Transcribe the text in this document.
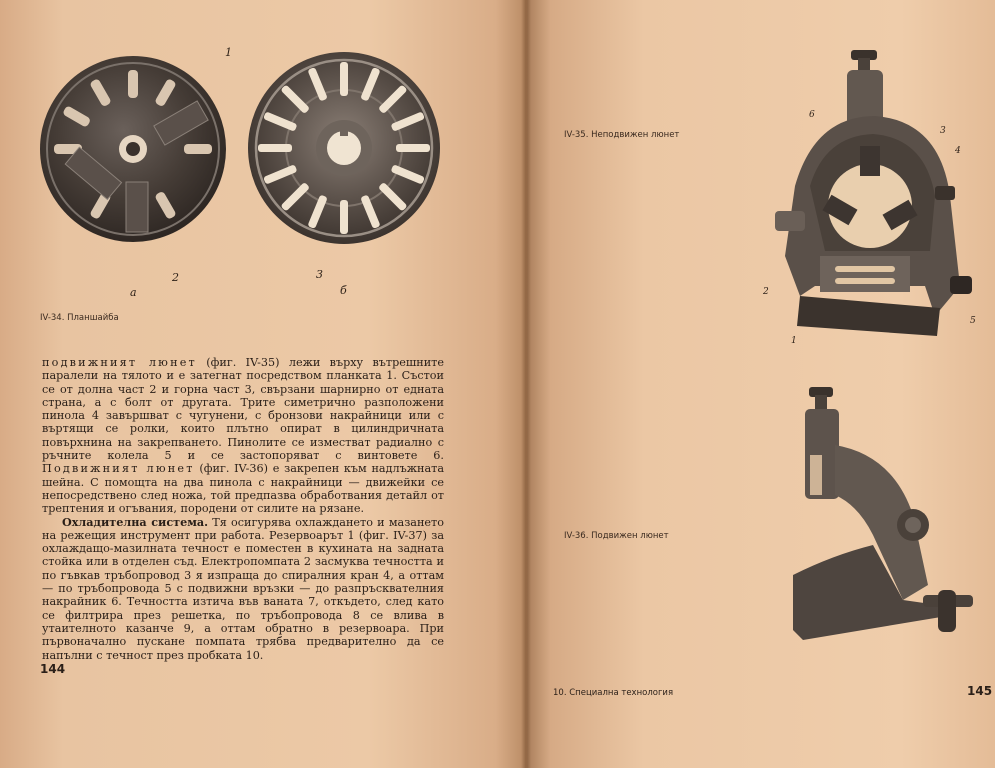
1
2	3
а	б
IV-34. Планшайба

подвижният люнет (фиг. IV-35) лежи върху вътрешните паралели на тялото и е затегнат посредством планката 1. Състои се от долна част 2 и горна част 3, свързани шарнирно от едната страна, а с болт от другата. Трите симетрично разположени пинола 4 завършват с чугунени, с бронзови накрайници или с въртящи се ролки, които плътно опират в цилиндричната повърхнина на закрепването. Пинолите се изместват радиално с ръчните колела 5 и се застопоряват с винтовете 6. Подвижният люнет (фиг. IV-36) е закрепен към надлъжната шейна. С помощта на два пинола с накрайници — движейки се непосредствено след ножа, той предпазва обработвания детайл от трептения и огъвания, породени от силите на рязане.

Охладителна система. Тя осигурява охлаждането и мазането на режещия инструмент при работа. Резервоарът 1 (фиг. IV-37) за охлаждащо-мазилната течност е поместен в кухината на задната стойка или в отделен съд. Електропомпата 2 засмуква течността и по гъвкав тръбопровод 3 я изпраща до спиралния кран 4, а оттам — по тръбопровода 5 с подвижни връзки — до разпръсквателния накрайник 6. Течността изтича във ваната 7, откъдето, след като се филтрира през решетка, по тръбопровода 8 се влива в утаителното казанче 9, а оттам обратно в резервоара. При първоначално пускане помпата трябва предварително да се напълни с течност през пробката 10.

144
IV-35. Неподвижен люнет
6
3
4
2
5
1
IV-36. Подвижен люнет
10. Специална технология	145
